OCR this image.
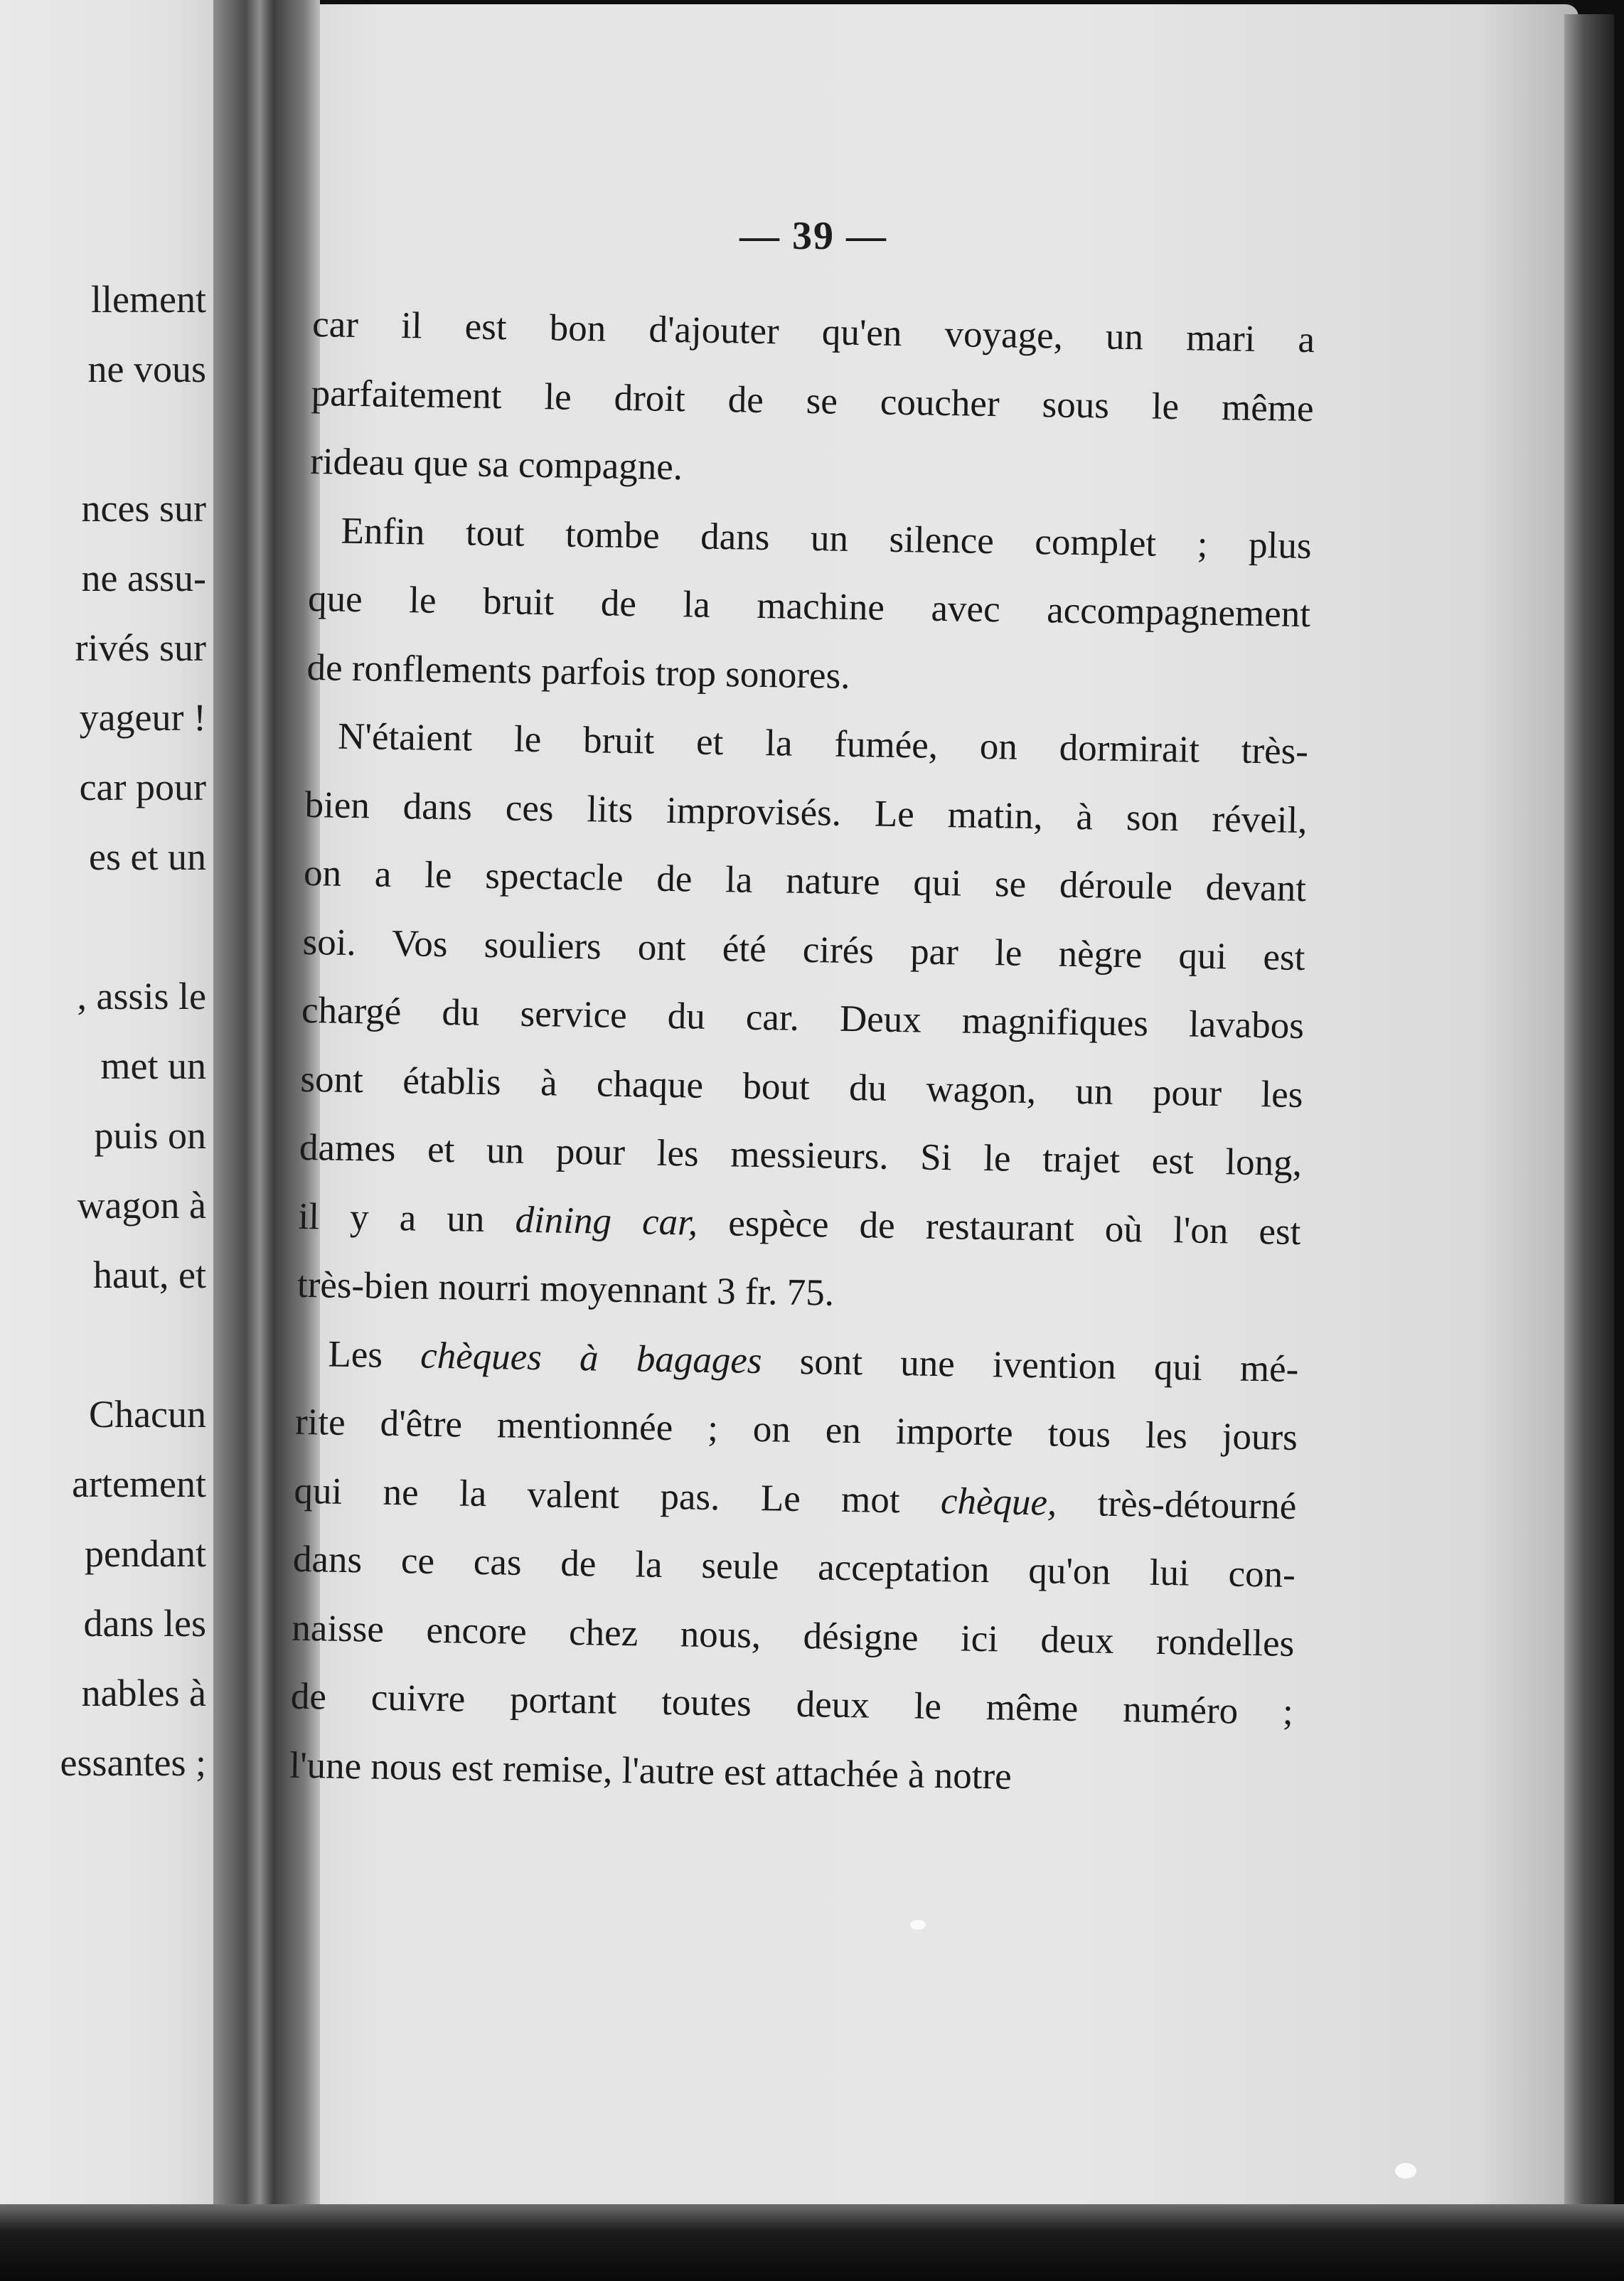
llement
ne vous
nces sur
ne assu-
rivés sur
yageur !
car pour
es et un
, assis le
met un
puis on
wagon à
haut, et
Chacun
artement
pendant
dans les
nables à
essantes ;
— 39 —
car il est bon d'ajouter qu'en voyage, un mari a
parfaitement le droit de se coucher sous le même
rideau que sa compagne.
Enfin tout tombe dans un silence complet ; plus
que le bruit de la machine avec accompagnement
de ronflements parfois trop sonores.
N'étaient le bruit et la fumée, on dormirait très-
bien dans ces lits improvisés. Le matin, à son réveil,
on a le spectacle de la nature qui se déroule devant
soi. Vos souliers ont été cirés par le nègre qui est
chargé du service du car. Deux magnifiques lavabos
sont établis à chaque bout du wagon, un pour les
dames et un pour les messieurs. Si le trajet est long,
il y a un dining car, espèce de restaurant où l'on est
très-bien nourri moyennant 3 fr. 75.
Les chèques à bagages sont une ivention qui mé-
rite d'être mentionnée ; on en importe tous les jours
qui ne la valent pas. Le mot chèque, très-détourné
dans ce cas de la seule acceptation qu'on lui con-
naisse encore chez nous, désigne ici deux rondelles
de cuivre portant toutes deux le même numéro ;
l'une nous est remise, l'autre est attachée à notre
